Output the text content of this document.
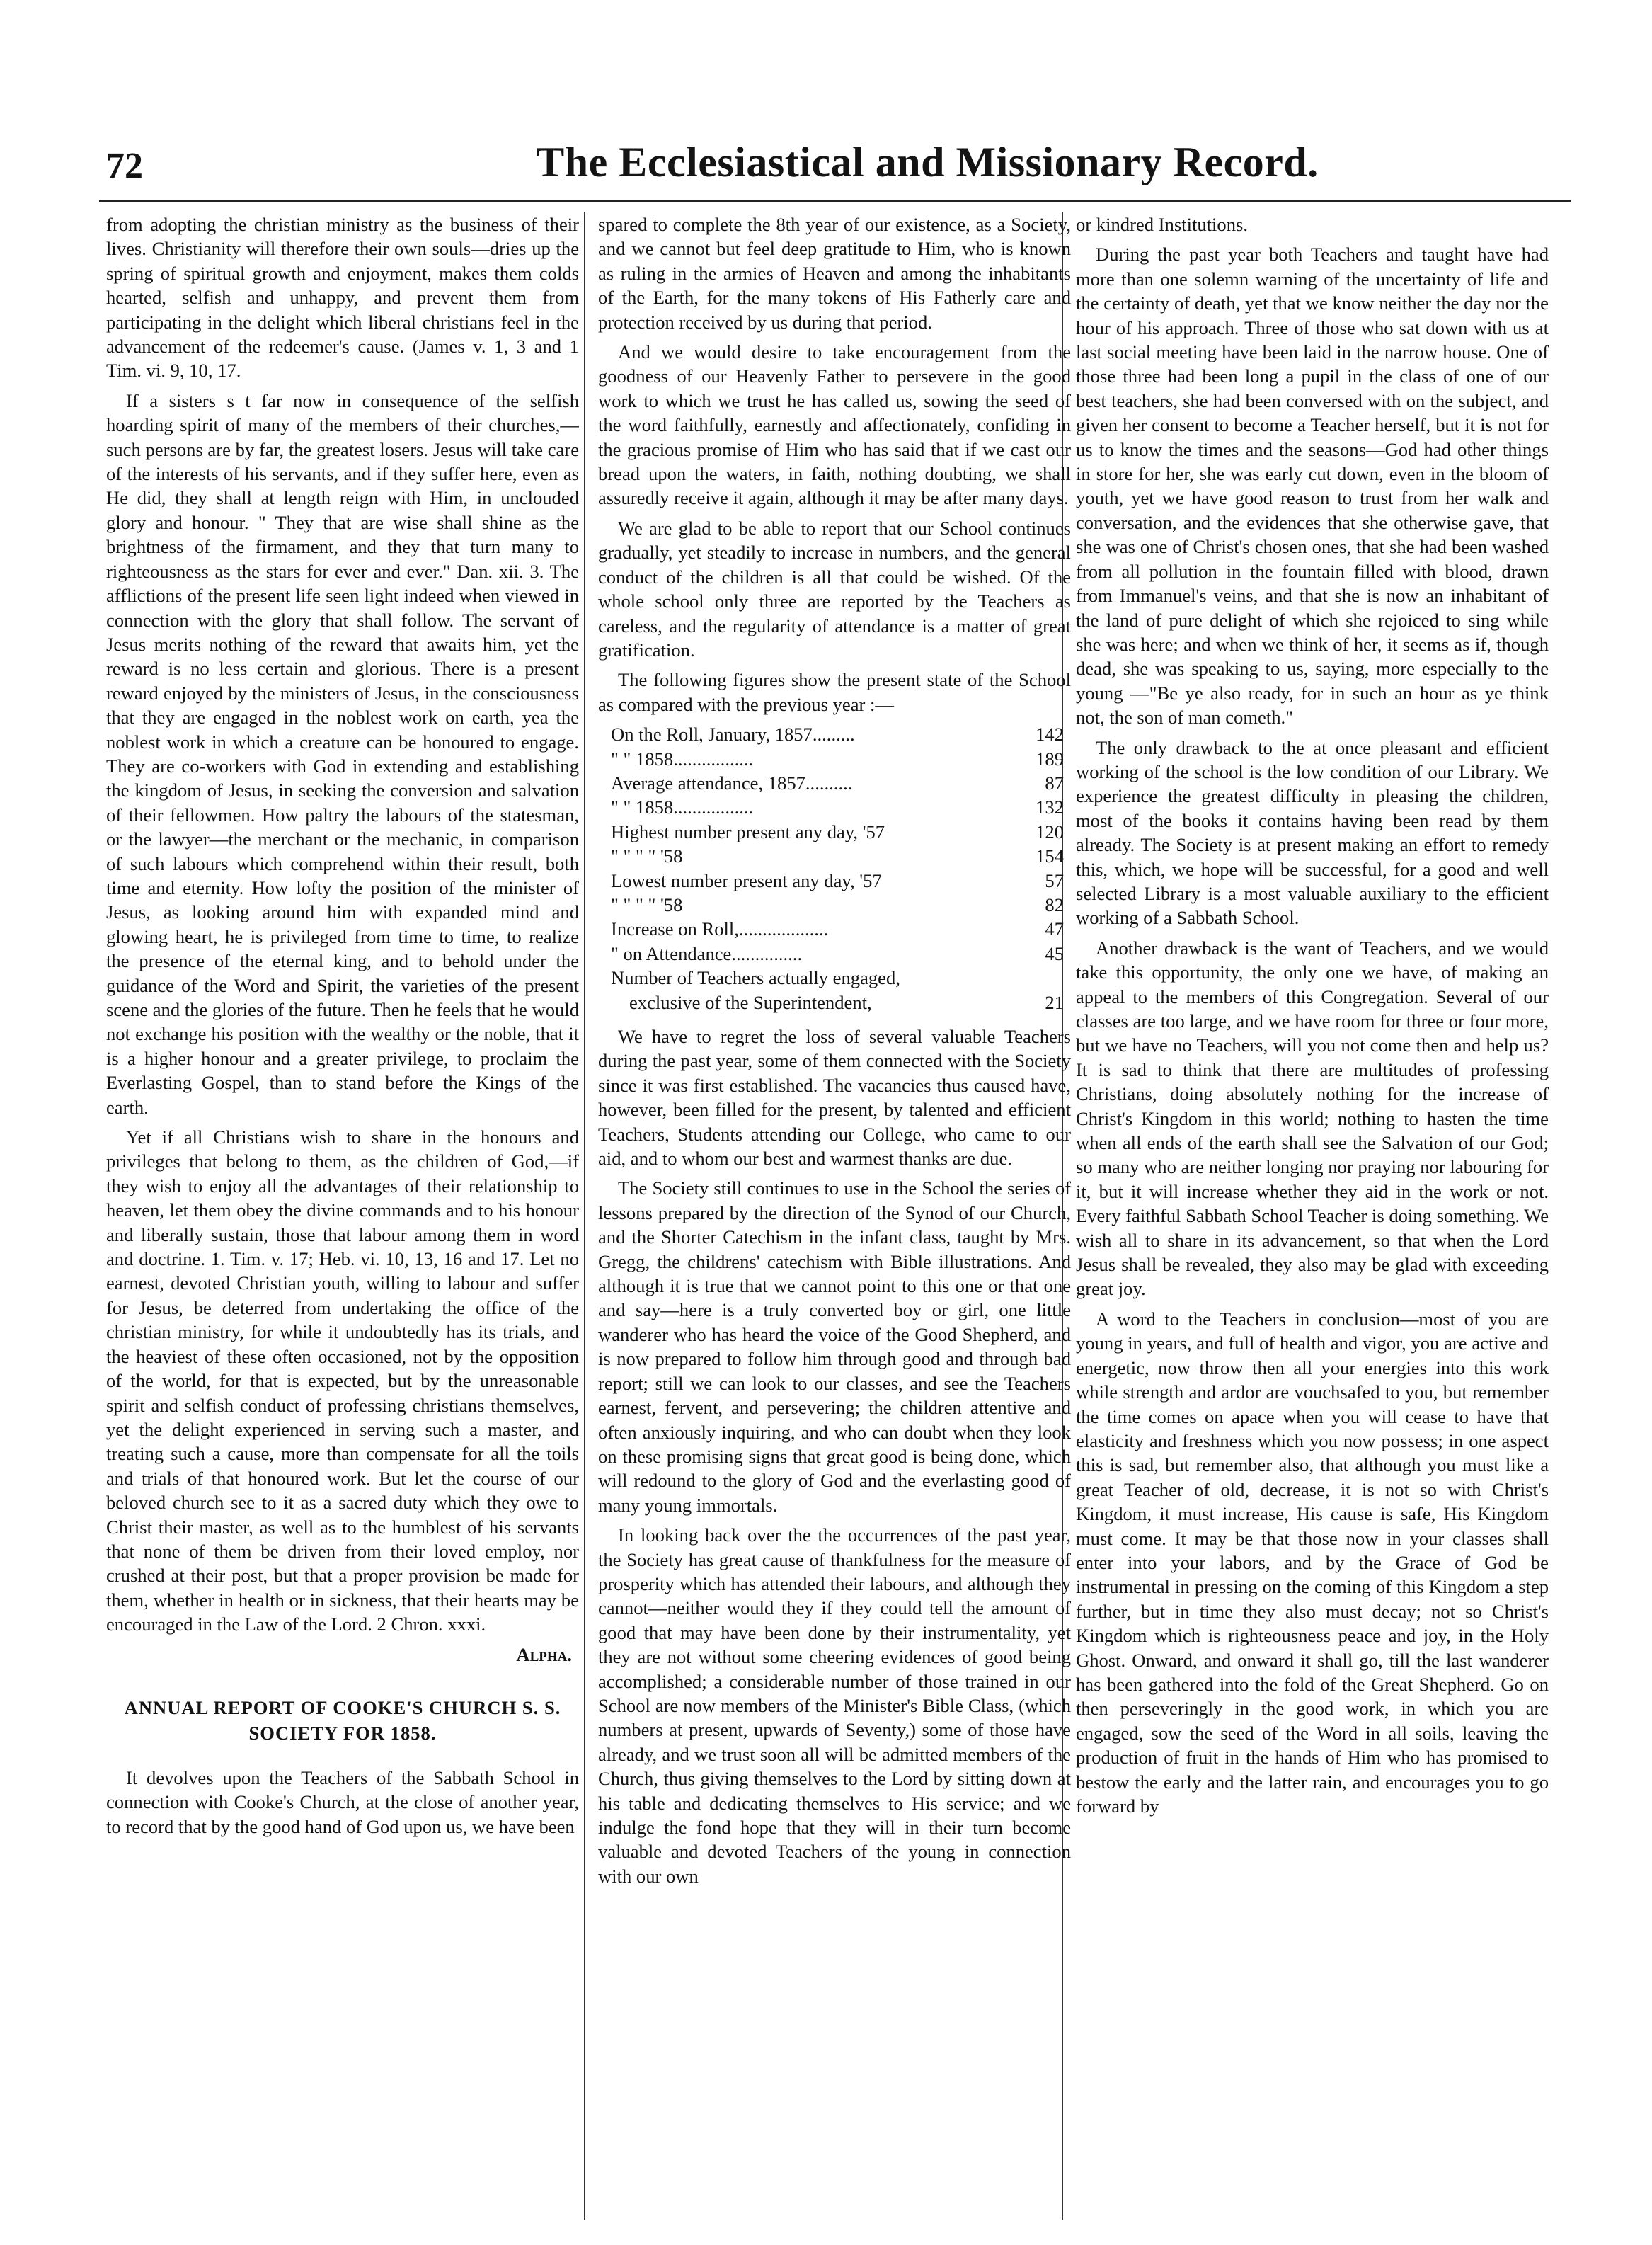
72	The Ecclesiastical and Missionary Record.

from adopting the christian ministry as the business of their lives. Christianity will therefore their own souls—dries up the spring of spiritual growth and enjoyment, makes them colds hearted, selfish and unhappy, and prevent them from participating in the delight which liberal christians feel in the advancement of the redeemer's cause. (James v. 1, 3 and 1 Tim. vi. 9, 10, 17.

If a sisters s t far now in consequence of the selfish hoarding spirit of many of the members of their churches,—such persons are by far, the greatest losers. Jesus will take care of the interests of his servants, and if they suffer here, even as He did, they shall at length reign with Him, in unclouded glory and honour. " They that are wise shall shine as the brightness of the firmament, and they that turn many to righteousness as the stars for ever and ever." Dan. xii. 3. The afflictions of the present life seen light indeed when viewed in connection with the glory that shall follow. The servant of Jesus merits nothing of the reward that awaits him, yet the reward is no less certain and glorious. There is a present reward enjoyed by the ministers of Jesus, in the consciousness that they are engaged in the noblest work on earth, yea the noblest work in which a creature can be honoured to engage. They are co-workers with God in extending and establishing the kingdom of Jesus, in seeking the conversion and salvation of their fellowmen. How paltry the labours of the statesman, or the lawyer—the merchant or the mechanic, in comparison of such labours which comprehend within their result, both time and eternity. How lofty the position of the minister of Jesus, as looking around him with expanded mind and glowing heart, he is privileged from time to time, to realize the presence of the eternal king, and to behold under the guidance of the Word and Spirit, the varieties of the present scene and the glories of the future. Then he feels that he would not exchange his position with the wealthy or the noble, that it is a higher honour and a greater privilege, to proclaim the Everlasting Gospel, than to stand before the Kings of the earth.

Yet if all Christians wish to share in the honours and privileges that belong to them, as the children of God,—if they wish to enjoy all the advantages of their relationship to heaven, let them obey the divine commands and to his honour and liberally sustain, those that labour among them in word and doctrine. 1. Tim. v. 17; Heb. vi. 10, 13, 16 and 17. Let no earnest, devoted Christian youth, willing to labour and suffer for Jesus, be deterred from undertaking the office of the christian ministry, for while it undoubtedly has its trials, and the heaviest of these often occasioned, not by the opposition of the world, for that is expected, but by the unreasonable spirit and selfish conduct of professing christians themselves, yet the delight experienced in serving such a master, and treating such a cause, more than compensate for all the toils and trials of that honoured work. But let the course of our beloved church see to it as a sacred duty which they owe to Christ their master, as well as to the humblest of his servants that none of them be driven from their loved employ, nor crushed at their post, but that a proper provision be made for them, whether in health or in sickness, that their hearts may be encouraged in the Law of the Lord. 2 Chron. xxxi.

Alpha.
ANNUAL REPORT OF COOKE'S CHURCH S. S. SOCIETY FOR 1858.

It devolves upon the Teachers of the Sabbath School in connection with Cooke's Church, at the close of another year, to record that by the good hand of God upon us, we have been

spared to complete the 8th year of our existence, as a Society, and we cannot but feel deep gratitude to Him, who is known as ruling in the armies of Heaven and among the inhabitants of the Earth, for the many tokens of His Fatherly care and protection received by us during that period.

And we would desire to take encouragement from the goodness of our Heavenly Father to persevere in the good work to which we trust he has called us, sowing the seed of the word faithfully, earnestly and affectionately, confiding in the gracious promise of Him who has said that if we cast our bread upon the waters, in faith, nothing doubting, we shall assuredly receive it again, although it may be after many days.

We are glad to be able to report that our School continues gradually, yet steadily to increase in numbers, and the general conduct of the children is all that could be wished. Of the whole school only three are reported by the Teachers as careless, and the regularity of attendance is a matter of great gratification.

The following figures show the present state of the School as compared with the previous year :—

On the Roll, January, 1857.........	142
" " 1858.................	189
Average attendance, 1857..........	87
" " 1858.................	132
Highest number present any day, '57	120
" " " " '58	154
Lowest number present any day, '57	57
" " " " '58	82
Increase on Roll,...................	47
" on Attendance...............	45
Number of Teachers actually engaged,
exclusive of the Superintendent,	21

We have to regret the loss of several valuable Teachers during the past year, some of them connected with the Society since it was first established. The vacancies thus caused have, however, been filled for the present, by talented and efficient Teachers, Students attending our College, who came to our aid, and to whom our best and warmest thanks are due.

The Society still continues to use in the School the series of lessons prepared by the direction of the Synod of our Church, and the Shorter Catechism in the infant class, taught by Mrs. Gregg, the childrens' catechism with Bible illustrations. And although it is true that we cannot point to this one or that one and say—here is a truly converted boy or girl, one little wanderer who has heard the voice of the Good Shepherd, and is now prepared to follow him through good and through bad report; still we can look to our classes, and see the Teachers earnest, fervent, and persevering; the children attentive and often anxiously inquiring, and who can doubt when they look on these promising signs that great good is being done, which will redound to the glory of God and the everlasting good of many young immortals.

In looking back over the the occurrences of the past year, the Society has great cause of thankfulness for the measure of prosperity which has attended their labours, and although they cannot—neither would they if they could tell the amount of good that may have been done by their instrumentality, yet they are not without some cheering evidences of good being accomplished; a considerable number of those trained in our School are now members of the Minister's Bible Class, (which numbers at present, upwards of Seventy,) some of those have already, and we trust soon all will be admitted members of the Church, thus giving themselves to the Lord by sitting down at his table and dedicating themselves to His service; and we indulge the fond hope that they will in their turn become valuable and devoted Teachers of the young in connection with our own

or kindred Institutions.

During the past year both Teachers and taught have had more than one solemn warning of the uncertainty of life and the certainty of death, yet that we know neither the day nor the hour of his approach. Three of those who sat down with us at last social meeting have been laid in the narrow house. One of those three had been long a pupil in the class of one of our best teachers, she had been conversed with on the subject, and given her consent to become a Teacher herself, but it is not for us to know the times and the seasons—God had other things in store for her, she was early cut down, even in the bloom of youth, yet we have good reason to trust from her walk and conversation, and the evidences that she otherwise gave, that she was one of Christ's chosen ones, that she had been washed from all pollution in the fountain filled with blood, drawn from Immanuel's veins, and that she is now an inhabitant of the land of pure delight of which she rejoiced to sing while she was here; and when we think of her, it seems as if, though dead, she was speaking to us, saying, more especially to the young —"Be ye also ready, for in such an hour as ye think not, the son of man cometh."

The only drawback to the at once pleasant and efficient working of the school is the low condition of our Library. We experience the greatest difficulty in pleasing the children, most of the books it contains having been read by them already. The Society is at present making an effort to remedy this, which, we hope will be successful, for a good and well selected Library is a most valuable auxiliary to the efficient working of a Sabbath School.

Another drawback is the want of Teachers, and we would take this opportunity, the only one we have, of making an appeal to the members of this Congregation. Several of our classes are too large, and we have room for three or four more, but we have no Teachers, will you not come then and help us? It is sad to think that there are multitudes of professing Christians, doing absolutely nothing for the increase of Christ's Kingdom in this world; nothing to hasten the time when all ends of the earth shall see the Salvation of our God; so many who are neither longing nor praying nor labouring for it, but it will increase whether they aid in the work or not. Every faithful Sabbath School Teacher is doing something. We wish all to share in its advancement, so that when the Lord Jesus shall be revealed, they also may be glad with exceeding great joy.

A word to the Teachers in conclusion—most of you are young in years, and full of health and vigor, you are active and energetic, now throw then all your energies into this work while strength and ardor are vouchsafed to you, but remember the time comes on apace when you will cease to have that elasticity and freshness which you now possess; in one aspect this is sad, but remember also, that although you must like a great Teacher of old, decrease, it is not so with Christ's Kingdom, it must increase, His cause is safe, His Kingdom must come. It may be that those now in your classes shall enter into your labors, and by the Grace of God be instrumental in pressing on the coming of this Kingdom a step further, but in time they also must decay; not so Christ's Kingdom which is righteousness peace and joy, in the Holy Ghost. Onward, and onward it shall go, till the last wanderer has been gathered into the fold of the Great Shepherd. Go on then perseveringly in the good work, in which you are engaged, sow the seed of the Word in all soils, leaving the production of fruit in the hands of Him who has promised to bestow the early and the latter rain, and encourages you to go forward by
